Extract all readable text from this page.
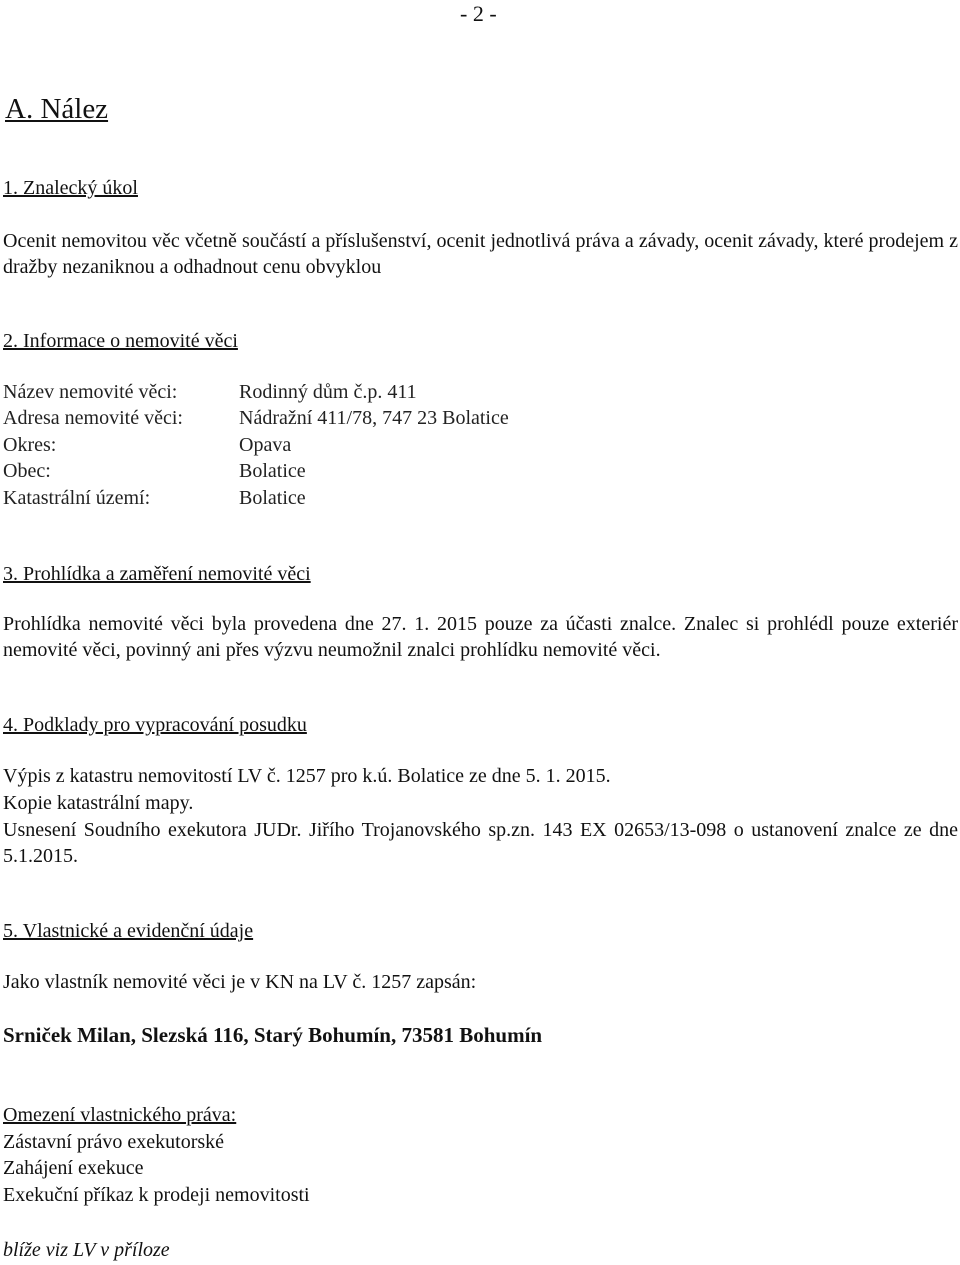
- 2 -
A. Nález
1. Znalecký úkol

Ocenit nemovitou věc včetně součástí a příslušenství, ocenit jednotlivá práva a závady, ocenit závady, které prodejem z dražby nezaniknou a odhadnout cenu obvyklou

2. Informace o nemovité věci
Název nemovité věci:	Rodinný dům č.p. 411
Adresa nemovité věci:	Nádražní 411/78, 747 23 Bolatice
Okres:	Opava
Obec:	Bolatice
Katastrální území:	Bolatice
3. Prohlídka a zaměření nemovité věci

Prohlídka nemovité věci byla provedena dne 27. 1. 2015 pouze za účasti znalce. Znalec si prohlédl pouze exteriér nemovité věci, povinný ani přes výzvu neumožnil znalci prohlídku nemovité věci.

4. Podklady pro vypracování posudku
Výpis z katastru nemovitostí LV č. 1257 pro k.ú. Bolatice ze dne 5. 1. 2015.
Kopie katastrální mapy.

Usnesení Soudního exekutora JUDr. Jiřího Trojanovského sp.zn. 143 EX 02653/13-098 o ustanovení znalce ze dne 5.1.2015.

5. Vlastnické a evidenční údaje
Jako vlastník nemovité věci je v KN na LV č. 1257 zapsán:
Srniček Milan, Slezská 116, Starý Bohumín, 73581 Bohumín
Omezení vlastnického práva:
Zástavní právo exekutorské
Zahájení exekuce
Exekuční příkaz k prodeji nemovitosti
blíže viz LV v příloze
